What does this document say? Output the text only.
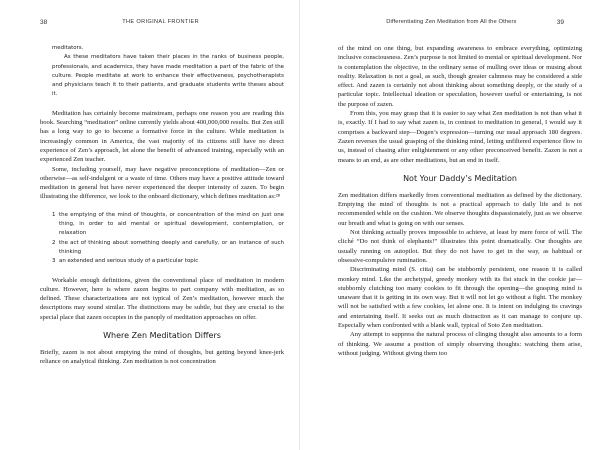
38	THE ORIGINAL FRONTIER

meditators.

As these meditators have taken their places in the ranks of business people, professionals, and academics, they have made meditation a part of the fabric of the culture. People meditate at work to enhance their effectiveness, psychotherapists and physicians teach it to their patients, and graduate students write theses about it.

Meditation has certainly become mainstream, perhaps one reason you are reading this book. Searching “meditation” online currently yields about 400,000,000 results. But Zen still has a long way to go to become a formative force in the culture. While meditation is increasingly common in America, the vast majority of its citizens still have no direct experience of Zen’s approach, let alone the benefit of advanced training, especially with an experienced Zen teacher.

Some, including yourself, may have negative preconceptions of meditation—Zen or otherwise—as self-indulgent or a waste of time. Others may have a positive attitude toward meditation in general but have never experienced the deeper intensity of zazen. To begin illustrating the difference, we look to the onboard dictionary, which defines meditation as:²⁸

1 the emptying of the mind of thoughts, or concentration of the mind on just one thing, in order to aid mental or spiritual development, contemplation, or relaxation
2 the act of thinking about something deeply and carefully, or an instance of such thinking
3 an extended and serious study of a particular topic

Workable enough definitions, given the conventional place of meditation in modern culture. However, here is where zazen begins to part company with meditation, as so defined. These characterizations are not typical of Zen’s meditation, however much the descriptions may sound similar. The distinctions may be subtle, but they are crucial to the special place that zazen occupies in the panoply of meditation approaches on offer.

Where Zen Meditation Differs

Briefly, zazen is not about emptying the mind of thoughts, but getting beyond knee-jerk reliance on analytical thinking. Zen meditation is not concentration

Differentiating Zen Meditation from All the Others	39

of the mind on one thing, but expanding awareness to embrace everything, optimizing inclusive consciousness. Zen’s purpose is not limited to mental or spiritual development. Nor is contemplation the objective, in the ordinary sense of mulling over ideas or musing about reality. Relaxation is not a goal, as such, though greater calmness may be considered a side effect. And zazen is certainly not about thinking about something deeply, or the study of a particular topic. Intellectual ideation or speculation, however useful or entertaining, is not the purpose of zazen.

From this, you may grasp that it is easier to say what Zen meditation is not than what it is, exactly. If I had to say what zazen is, in contrast to meditation in general, I would say it comprises a backward step—Dogen’s expression—turning our usual approach 180 degrees. Zazen reverses the usual grasping of the thinking mind, letting unfiltered experience flow to us, instead of chasing after enlightenment or any other preconceived benefit. Zazen is not a means to an end, as are other meditations, but an end in itself.

Not Your Daddy’s Meditation

Zen meditation differs markedly from conventional meditation as defined by the dictionary. Emptying the mind of thoughts is not a practical approach to daily life and is not recommended while on the cushion. We observe thoughts dispassionately, just as we observe our breath and what is going on with our senses.

Not thinking actually proves impossible to achieve, at least by mere force of will. The cliché “Do not think of elephants!” illustrates this point dramatically. Our thoughts are usually running on autopilot. But they do not have to get in the way, as habitual or obsessive-compulsive rumination.

Discriminating mind (S. citta) can be stubbornly persistent, one reason it is called monkey mind. Like the archetypal, greedy monkey with its fist stuck in the cookie jar—stubbornly clutching too many cookies to fit through the opening—the grasping mind is unaware that it is getting in its own way. But it will not let go without a fight. The monkey will not be satisfied with a few cookies, let alone one. It is intent on indulging its cravings and entertaining itself. It seeks out as much distraction as it can manage to conjure up. Especially when confronted with a blank wall, typical of Soto Zen meditation.

Any attempt to suppress the natural process of clinging thought also amounts to a form of thinking. We assume a position of simply observing thoughts: watching them arise, without judging. Without giving them too
